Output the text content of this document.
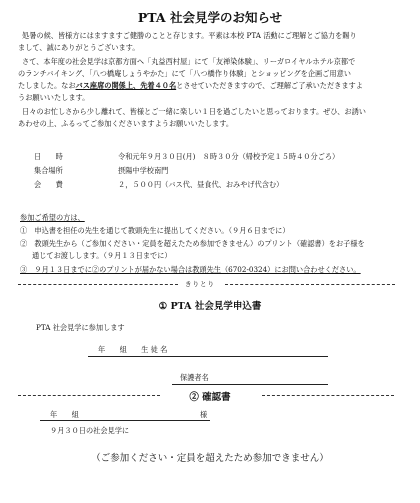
PTA 社会見学のお知らせ
処暑の候、皆様方にはますますご健勝のことと存じます。平素は本校 PTA 活動にご理解とご協力を賜り
まして、誠にありがとうございます。
さて、本年度の社会見学は京都方面へ「丸益西村屋」にて「友禅染体験」、リーガロイヤルホテル京都で
のランチバイキング、「八つ橋庵しょうやかた」にて「八つ橋作り体験」とショッピングを企画ご用意い
たしました。なおバス座席の関係上、先着４０名とさせていただきますので、ご理解ご了承いただきますよ
うお願いいたします。
日々のお忙しさから少し離れて、皆様とご一緒に楽しい１日を過ごしたいと思っております。ぜひ、お誘い
あわせの上、ふるってご参加くださいますようお願いいたします。
日　　時	令和元年９月３０日(月)　８時３０分（帰校予定１５時４０分ごろ）
集合場所	摂陽中学校南門
会　　費	２，５００円（バス代、昼食代、おみやげ代含む）
参加ご希望の方は、
①　申込書を担任の先生を通じて教頭先生に提出してください。（９月６日までに）
②　教頭先生から（ご参加ください・定員を超えたため参加できません）のプリント（確認書）をお子様を
通じてお渡しします。（９月１３日までに）
③　９月１３日までに②のプリントが届かない場合は教頭先生（6702-0324）にお問い合わせください。
きりとり
① PTA 社会見学申込書
PTA 社会見学に参加します
年　　組　　生 徒 名
保護者名
② 確認書
年　　組	様
９月３０日の社会見学に
（ご参加ください・定員を超えたため参加できません）
